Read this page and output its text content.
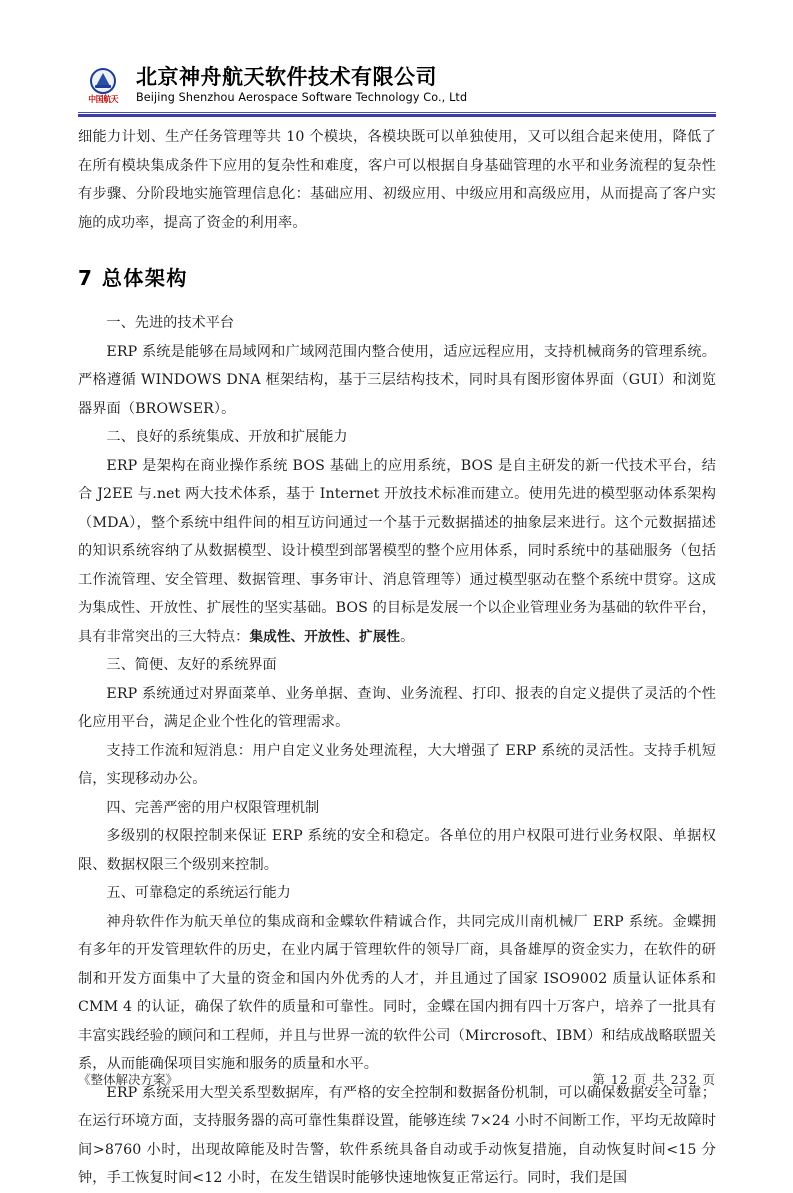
中国航天
北京神舟航天软件技术有限公司
Beijing Shenzhou Aerospace Software Technology Co., Ltd

细能力计划、生产任务管理等共 10 个模块，各模块既可以单独使用，又可以组合起来使用，降低了在所有模块集成条件下应用的复杂性和难度，客户可以根据自身基础管理的水平和业务流程的复杂性有步骤、分阶段地实施管理信息化：基础应用、初级应用、中级应用和高级应用，从而提高了客户实施的成功率，提高了资金的利用率。

7 总体架构

一、先进的技术平台

ERP 系统是能够在局域网和广域网范围内整合使用，适应远程应用，支持机械商务的管理系统。严格遵循 WINDOWS DNA 框架结构，基于三层结构技术，同时具有图形窗体界面（GUI）和浏览器界面（BROWSER）。

二、良好的系统集成、开放和扩展能力

ERP 是架构在商业操作系统 BOS 基础上的应用系统，BOS 是自主研发的新一代技术平台，结合 J2EE 与.net 两大技术体系，基于 Internet 开放技术标准而建立。使用先进的模型驱动体系架构（MDA），整个系统中组件间的相互访问通过一个基于元数据描述的抽象层来进行。这个元数据描述的知识系统容纳了从数据模型、设计模型到部署模型的整个应用体系，同时系统中的基础服务（包括工作流管理、安全管理、数据管理、事务审计、消息管理等）通过模型驱动在整个系统中贯穿。这成为集成性、开放性、扩展性的坚实基础。BOS 的目标是发展一个以企业管理业务为基础的软件平台，具有非常突出的三大特点：集成性、开放性、扩展性。

三、简便、友好的系统界面

ERP 系统通过对界面菜单、业务单据、查询、业务流程、打印、报表的自定义提供了灵活的个性化应用平台，满足企业个性化的管理需求。

支持工作流和短消息：用户自定义业务处理流程，大大增强了 ERP 系统的灵活性。支持手机短信，实现移动办公。

四、完善严密的用户权限管理机制

多级别的权限控制来保证 ERP 系统的安全和稳定。各单位的用户权限可进行业务权限、单据权限、数据权限三个级别来控制。

五、可靠稳定的系统运行能力

神舟软件作为航天单位的集成商和金蝶软件精诚合作，共同完成川南机械厂 ERP 系统。金蝶拥有多年的开发管理软件的历史，在业内属于管理软件的领导厂商，具备雄厚的资金实力，在软件的研制和开发方面集中了大量的资金和国内外优秀的人才，并且通过了国家 ISO9002 质量认证体系和 CMM 4 的认证，确保了软件的质量和可靠性。同时，金蝶在国内拥有四十万客户，培养了一批具有丰富实践经验的顾问和工程师，并且与世界一流的软件公司（Mircrosoft、IBM）和结成战略联盟关系，从而能确保项目实施和服务的质量和水平。

ERP 系统采用大型关系型数据库，有严格的安全控制和数据备份机制，可以确保数据安全可靠；在运行环境方面，支持服务器的高可靠性集群设置，能够连续 7×24 小时不间断工作，平均无故障时间>8760 小时，出现故障能及时告警，软件系统具备自动或手动恢复措施，自动恢复时间<15 分钟，手工恢复时间<12 小时，在发生错误时能够快速地恢复正常运行。同时，我们是国

《整体解决方案》	第 12 页 共 232 页
